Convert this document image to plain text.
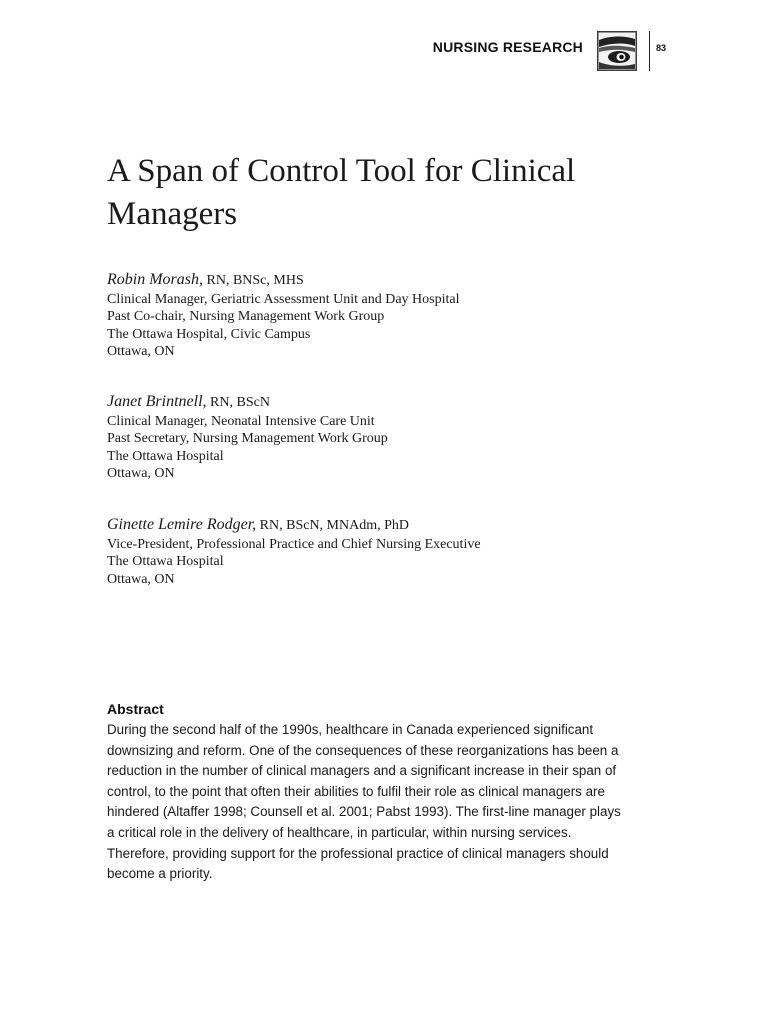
NURSING RESEARCH	83
A Span of Control Tool for Clinical
Managers
Robin Morash, RN, BNSc, MHS
Clinical Manager, Geriatric Assessment Unit and Day Hospital
Past Co-chair, Nursing Management Work Group
The Ottawa Hospital, Civic Campus
Ottawa, ON
Janet Brintnell, RN, BScN
Clinical Manager, Neonatal Intensive Care Unit
Past Secretary, Nursing Management Work Group
The Ottawa Hospital
Ottawa, ON
Ginette Lemire Rodger, RN, BScN, MNAdm, PhD
Vice-President, Professional Practice and Chief Nursing Executive
The Ottawa Hospital
Ottawa, ON
Abstract

During the second half of the 1990s, healthcare in Canada experienced significant
downsizing and reform. One of the consequences of these reorganizations has been a
reduction in the number of clinical managers and a significant increase in their span of
control, to the point that often their abilities to fulfil their role as clinical managers are
hindered (Altaffer 1998; Counsell et al. 2001; Pabst 1993). The first-line manager plays
a critical role in the delivery of healthcare, in particular, within nursing services.
Therefore, providing support for the professional practice of clinical managers should
become a priority.
